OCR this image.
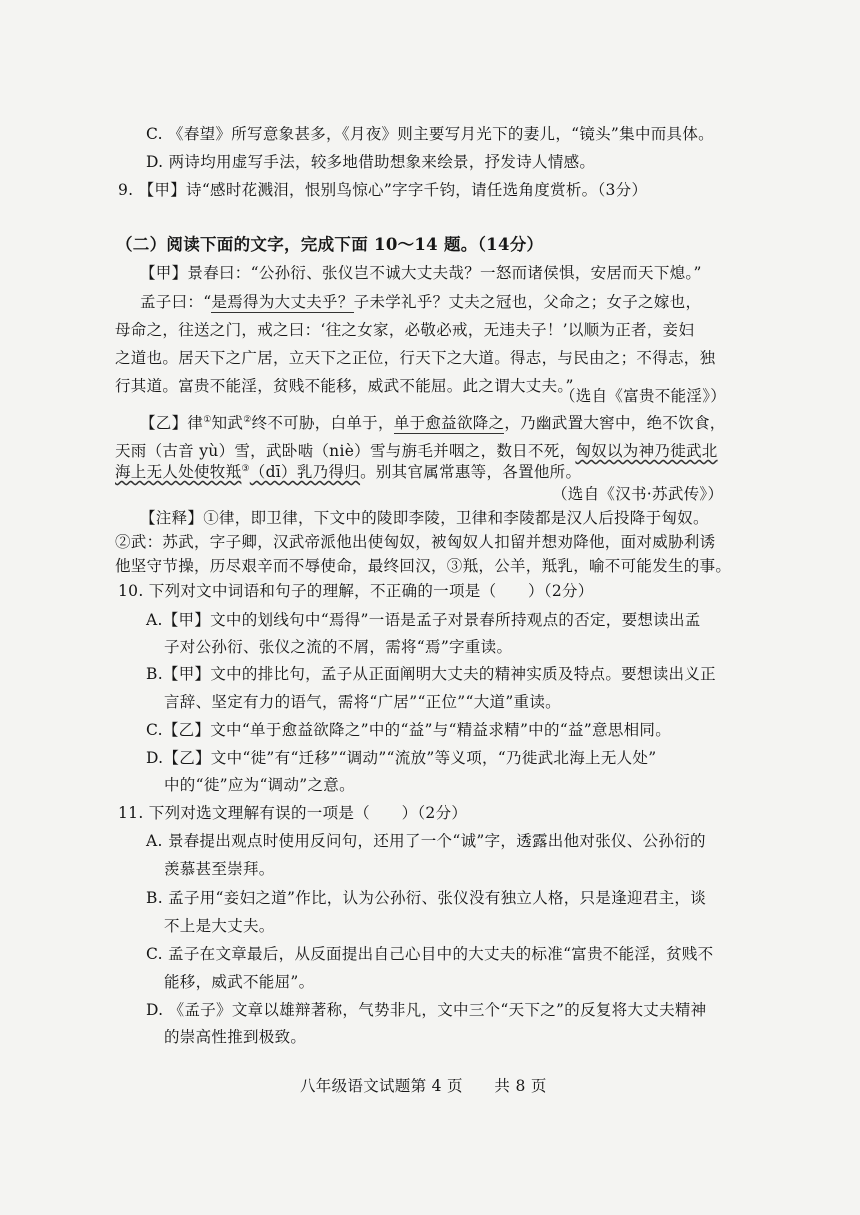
C. 《春望》所写意象甚多，《月夜》则主要写月光下的妻儿，“镜头”集中而具体。
D. 两诗均用虚写手法，较多地借助想象来绘景，抒发诗人情感。
9. 【甲】诗“感时花溅泪，恨别鸟惊心”字字千钧，请任选角度赏析。（3分）
（二）阅读下面的文字，完成下面 10～14 题。（14分）
【甲】景春曰：“公孙衍、张仪岂不诚大丈夫哉？一怒而诸侯惧，安居而天下熄。”
孟子曰：“是焉得为大丈夫乎？子未学礼乎？丈夫之冠也，父命之；女子之嫁也，
母命之，往送之门，戒之曰：‘往之女家，必敬必戒，无违夫子！’以顺为正者，妾妇
之道也。居天下之广居，立天下之正位，行天下之大道。得志，与民由之；不得志，独
行其道。富贵不能淫，贫贱不能移，威武不能屈。此之谓大丈夫。”
（选自《富贵不能淫》）
【乙】律①知武②终不可胁，白单于，单于愈益欲降之，乃幽武置大窖中，绝不饮食，
天雨（古音 yù）雪，武卧啮（niè）雪与旃毛并咽之，数日不死，匈奴以为神乃徙武北
海上无人处使牧羝③（dī）乳乃得归。别其官属常惠等，各置他所。
（选自《汉书·苏武传》）
【注释】①律，即卫律，下文中的陵即李陵，卫律和李陵都是汉人后投降于匈奴。
②武：苏武，字子卿，汉武帝派他出使匈奴，被匈奴人扣留并想劝降他，面对威胁利诱
他坚守节操，历尽艰辛而不辱使命，最终回汉，③羝，公羊，羝乳，喻不可能发生的事。
10. 下列对文中词语和句子的理解，不正确的一项是（　　）（2分）
A.【甲】文中的划线句中“焉得”一语是孟子对景春所持观点的否定，要想读出孟
子对公孙衍、张仪之流的不屑，需将“焉”字重读。
B.【甲】文中的排比句，孟子从正面阐明大丈夫的精神实质及特点。要想读出义正
言辞、坚定有力的语气，需将“广居”“正位”“大道”重读。
C.【乙】文中“单于愈益欲降之”中的“益”与“精益求精”中的“益”意思相同。
D.【乙】文中“徙”有“迁移”“调动”“流放”等义项，“乃徙武北海上无人处”
中的“徙”应为“调动”之意。
11. 下列对选文理解有误的一项是（　　）（2分）
A. 景春提出观点时使用反问句，还用了一个“诚”字，透露出他对张仪、公孙衍的
羡慕甚至崇拜。
B. 孟子用“妾妇之道”作比，认为公孙衍、张仪没有独立人格，只是逢迎君主，谈
不上是大丈夫。
C. 孟子在文章最后，从反面提出自己心目中的大丈夫的标准“富贵不能淫，贫贱不
能移，威武不能屈”。
D. 《孟子》文章以雄辩著称，气势非凡，文中三个“天下之”的反复将大丈夫精神
的崇高性推到极致。
八年级语文试题第 4 页　　共 8 页
